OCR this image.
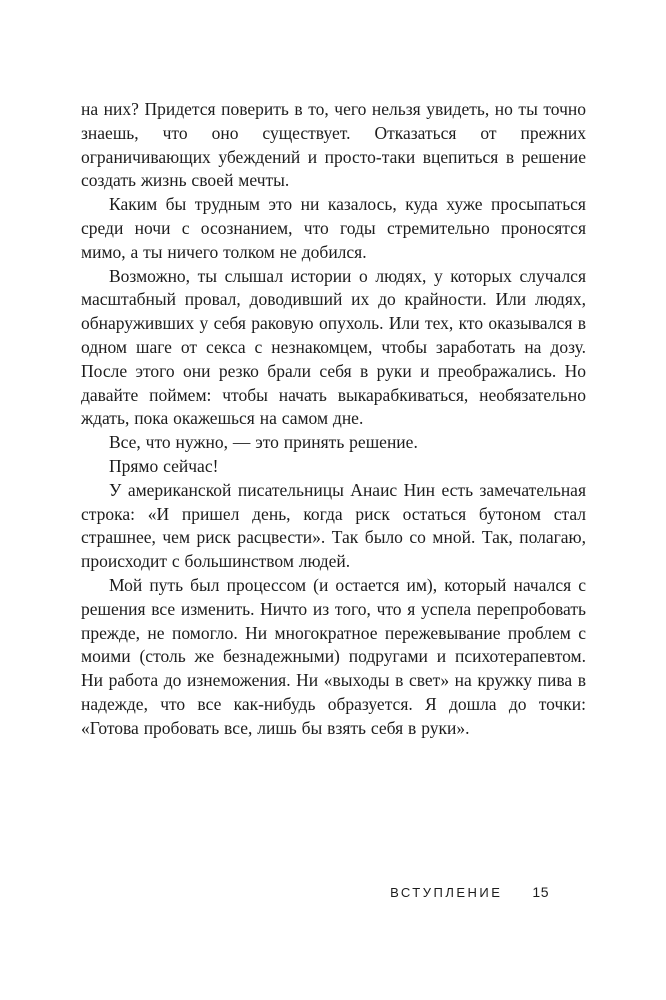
на них? Придется поверить в то, чего нельзя увидеть, но ты точно знаешь, что оно существует. Отказаться от прежних ограничивающих убеждений и просто-таки вцепиться в решение создать жизнь своей мечты.

Каким бы трудным это ни казалось, куда хуже просыпаться среди ночи с осознанием, что годы стремительно проносятся мимо, а ты ничего толком не добился.

Возможно, ты слышал истории о людях, у которых случался масштабный провал, доводивший их до крайности. Или людях, обнаруживших у себя раковую опухоль. Или тех, кто оказывался в одном шаге от секса с незнакомцем, чтобы заработать на дозу. После этого они резко брали себя в руки и преображались. Но давайте поймем: чтобы начать выкарабкиваться, необязательно ждать, пока окажешься на самом дне.

Все, что нужно, — это принять решение.

Прямо сейчас!

У американской писательницы Анаис Нин есть замечательная строка: «И пришел день, когда риск остаться бутоном стал страшнее, чем риск расцвести». Так было со мной. Так, полагаю, происходит с большинством людей.

Мой путь был процессом (и остается им), который начался с решения все изменить. Ничто из того, что я успела перепробовать прежде, не помогло. Ни многократное пережевывание проблем с моими (столь же безнадежными) подругами и психотерапевтом. Ни работа до изнеможения. Ни «выходы в свет» на кружку пива в надежде, что все как-нибудь образуется. Я дошла до точки: «Готова пробовать все, лишь бы взять себя в руки».

ВСТУПЛЕНИЕ 15
